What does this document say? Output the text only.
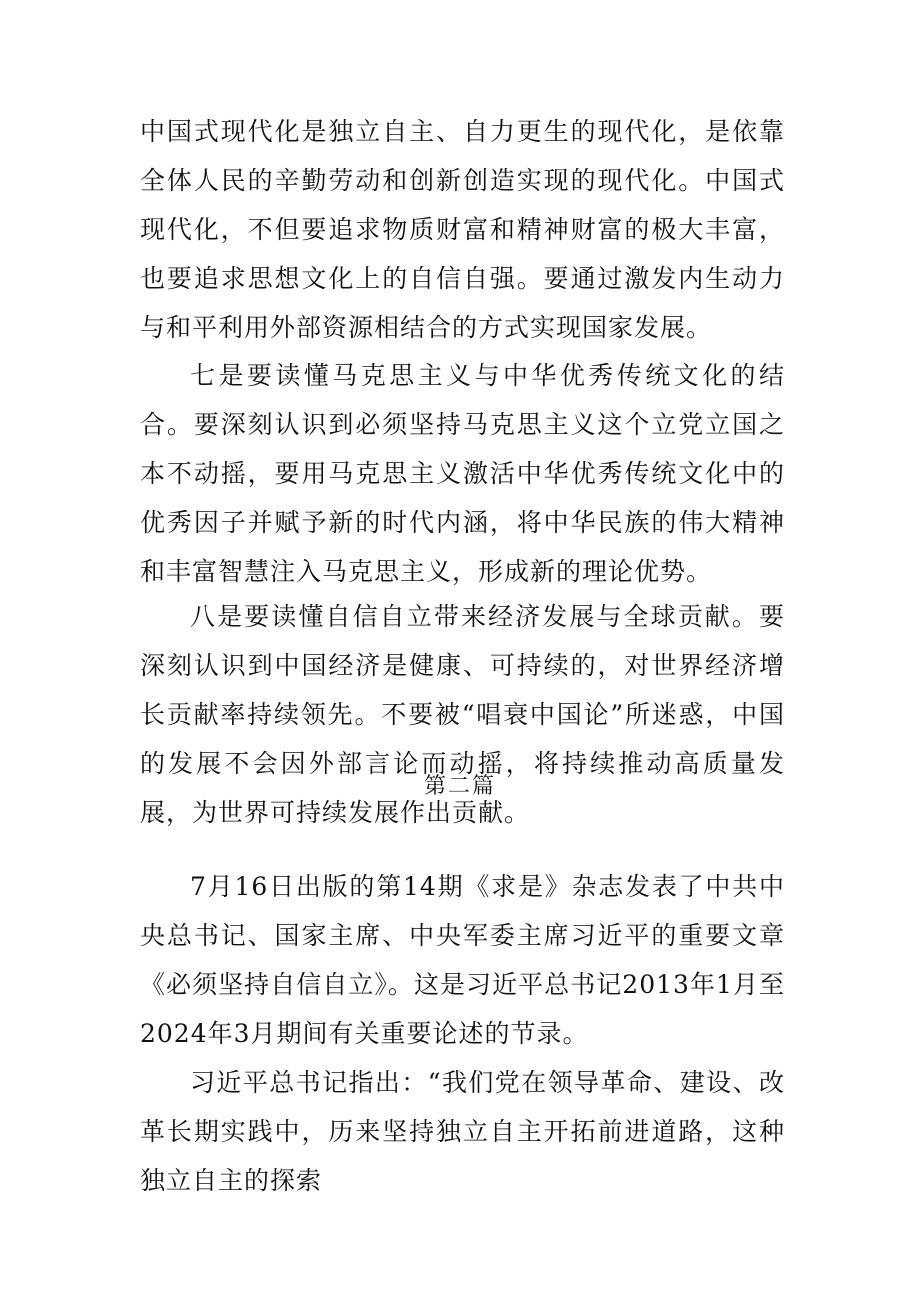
中国式现代化是独立自主、自力更生的现代化，是依靠全体人民的辛勤劳动和创新创造实现的现代化。中国式现代化，不但要追求物质财富和精神财富的极大丰富，也要追求思想文化上的自信自强。要通过激发内生动力与和平利用外部资源相结合的方式实现国家发展。

七是要读懂马克思主义与中华优秀传统文化的结合。要深刻认识到必须坚持马克思主义这个立党立国之本不动摇，要用马克思主义激活中华优秀传统文化中的优秀因子并赋予新的时代内涵，将中华民族的伟大精神和丰富智慧注入马克思主义，形成新的理论优势。

八是要读懂自信自立带来经济发展与全球贡献。要深刻认识到中国经济是健康、可持续的，对世界经济增长贡献率持续领先。不要被“唱衰中国论”所迷惑，中国的发展不会因外部言论而动摇，将持续推动高质量发展，为世界可持续发展作出贡献。

第二篇

7月16日出版的第14期《求是》杂志发表了中共中央总书记、国家主席、中央军委主席习近平的重要文章《必须坚持自信自立》。这是习近平总书记2013年1月至2024年3月期间有关重要论述的节录。

习近平总书记指出：“我们党在领导革命、建设、改革长期实践中，历来坚持独立自主开拓前进道路，这种独立自主的探索
